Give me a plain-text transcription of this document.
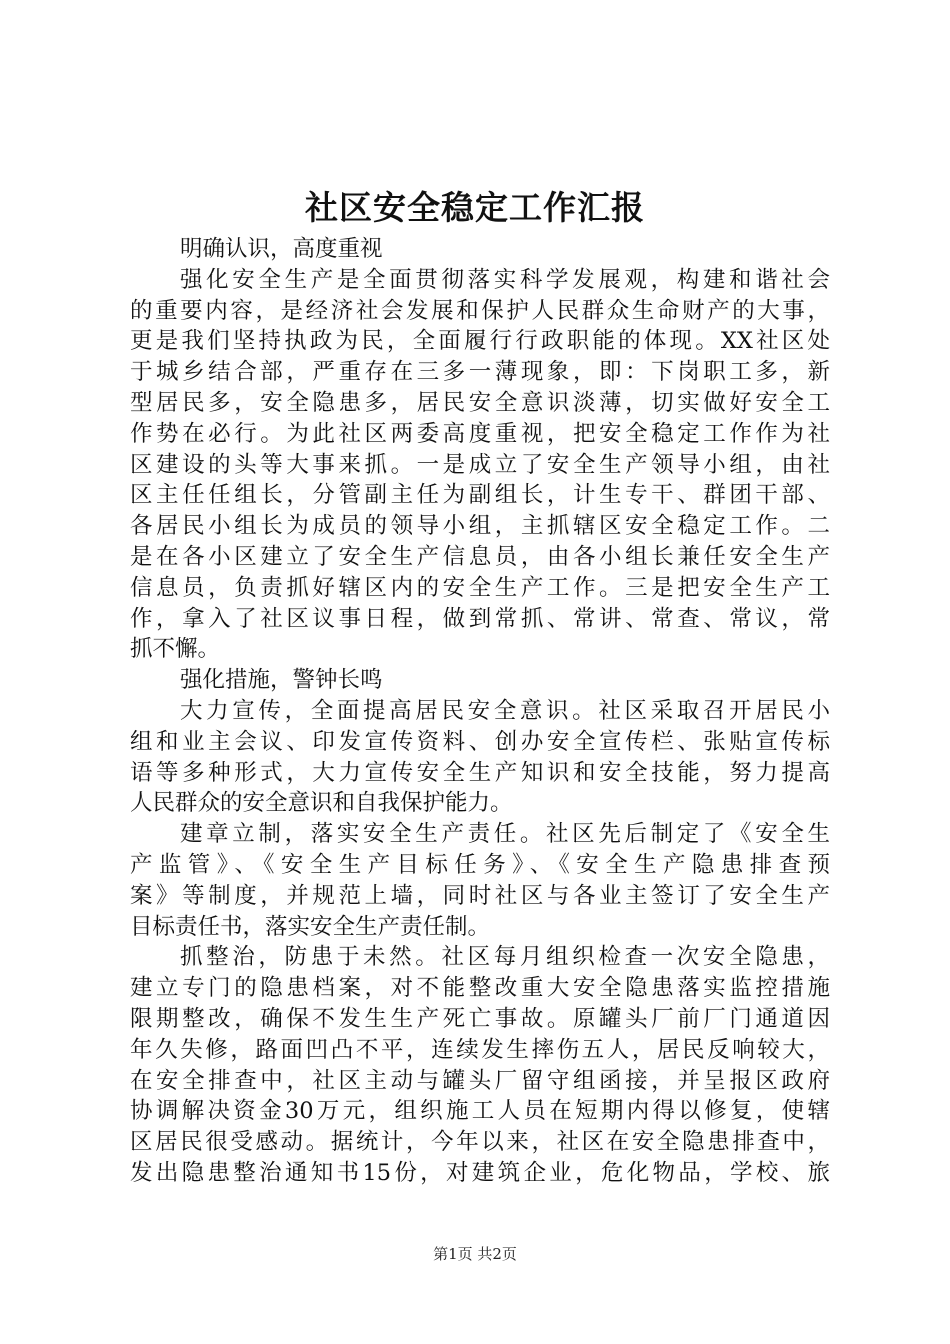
社区安全稳定工作汇报
明确认识，高度重视
强化安全生产是全面贯彻落实科学发展观，构建和谐社会
的重要内容，是经济社会发展和保护人民群众生命财产的大事，
更是我们坚持执政为民，全面履行行政职能的体现。XX社区处
于城乡结合部，严重存在三多一薄现象，即：下岗职工多，新
型居民多，安全隐患多，居民安全意识淡薄，切实做好安全工
作势在必行。为此社区两委高度重视，把安全稳定工作作为社
区建设的头等大事来抓。一是成立了安全生产领导小组，由社
区主任任组长，分管副主任为副组长，计生专干、群团干部、
各居民小组长为成员的领导小组，主抓辖区安全稳定工作。二
是在各小区建立了安全生产信息员，由各小组长兼任安全生产
信息员，负责抓好辖区内的安全生产工作。三是把安全生产工
作，拿入了社区议事日程，做到常抓、常讲、常查、常议，常
抓不懈。
强化措施，警钟长鸣
大力宣传，全面提高居民安全意识。社区采取召开居民小
组和业主会议、印发宣传资料、创办安全宣传栏、张贴宣传标
语等多种形式，大力宣传安全生产知识和安全技能，努力提高
人民群众的安全意识和自我保护能力。
建章立制，落实安全生产责任。社区先后制定了《安全生
产监管》、《安全生产目标任务》、《安全生产隐患排查预
案》等制度，并规范上墙，同时社区与各业主签订了安全生产
目标责任书，落实安全生产责任制。
抓整治，防患于未然。社区每月组织检查一次安全隐患，
建立专门的隐患档案，对不能整改重大安全隐患落实监控措施
限期整改，确保不发生生产死亡事故。原罐头厂前厂门通道因
年久失修，路面凹凸不平，连续发生摔伤五人，居民反响较大，
在安全排查中，社区主动与罐头厂留守组函接，并呈报区政府
协调解决资金30万元，组织施工人员在短期内得以修复，使辖
区居民很受感动。据统计，今年以来，社区在安全隐患排查中，
发出隐患整治通知书15份，对建筑企业，危化物品，学校、旅
第1页 共2页
